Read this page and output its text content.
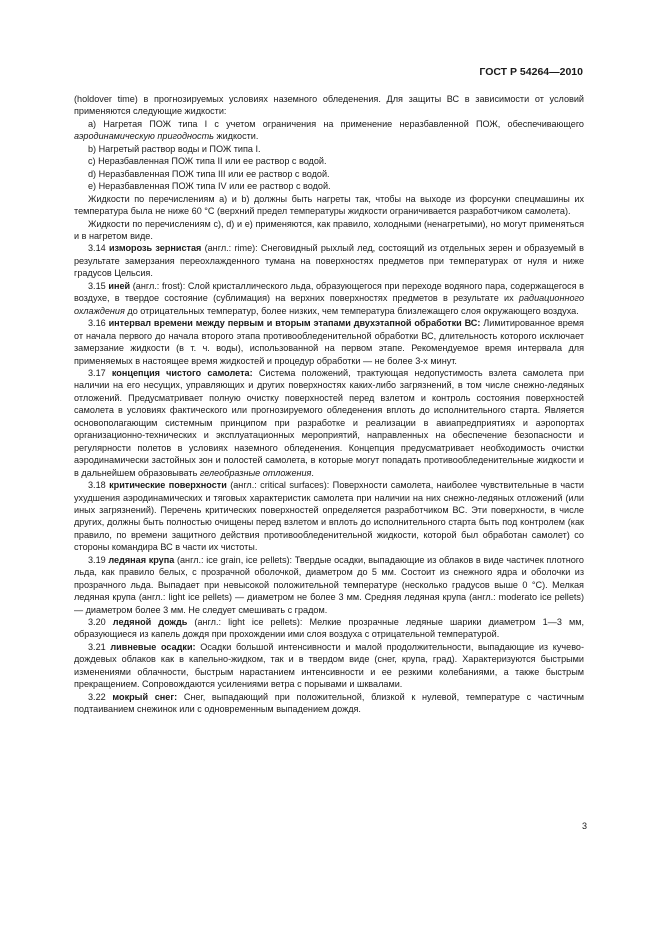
ГОСТ Р 54264—2010

(holdover time) в прогнозируемых условиях наземного обледенения. Для защиты ВС в зависимости от условий применяются следующие жидкости:

a) Нагретая ПОЖ типа I с учетом ограничения на применение неразбавленной ПОЖ, обеспечивающего аэродинамическую пригодность жидкости.

b) Нагретый раствор воды и ПОЖ типа I.

c) Неразбавленная ПОЖ типа II или ее раствор с водой.

d) Неразбавленная ПОЖ типа III или ее раствор с водой.

e) Неразбавленная ПОЖ типа IV или ее раствор с водой.

Жидкости по перечислениям a) и b) должны быть нагреты так, чтобы на выходе из форсунки спецмашины их температура была не ниже 60 °С (верхний предел температуры жидкости ограничивается разработчиком самолета).

Жидкости по перечислениям c), d) и e) применяются, как правило, холодными (ненагретыми), но могут применяться и в нагретом виде.

3.14 изморозь зернистая (англ.: rime): Снеговидный рыхлый лед, состоящий из отдельных зерен и образуемый в результате замерзания переохлажденного тумана на поверхностях предметов при температурах от нуля и ниже градусов Цельсия.

3.15 иней (англ.: frost): Слой кристаллического льда, образующегося при переходе водяного пара, содержащегося в воздухе, в твердое состояние (сублимация) на верхних поверхностях предметов в результате их радиационного охлаждения до отрицательных температур, более низких, чем температура близлежащего слоя окружающего воздуха.

3.16 интервал времени между первым и вторым этапами двухэтапной обработки ВС: Лимитированное время от начала первого до начала второго этапа противообледенительной обработки ВС, длительность которого исключает замерзание жидкости (в т. ч. воды), использованной на первом этапе. Рекомендуемое время интервала для применяемых в настоящее время жидкостей и процедур обработки — не более 3-х минут.

3.17 концепция чистого самолета: Система положений, трактующая недопустимость взлета самолета при наличии на его несущих, управляющих и других поверхностях каких-либо загрязнений, в том числе снежно-ледяных отложений. Предусматривает полную очистку поверхностей перед взлетом и контроль состояния поверхностей самолета в условиях фактического или прогнозируемого обледенения вплоть до исполнительного старта. Является основополагающим системным принципом при разработке и реализации в авиапредприятиях и аэропортах организационно-технических и эксплуатационных мероприятий, направленных на обеспечение безопасности и регулярности полетов в условиях наземного обледенения. Концепция предусматривает необходимость очистки аэродинамически застойных зон и полостей самолета, в которые могут попадать противообледенительные жидкости и в дальнейшем образовывать гелеобразные отложения.

3.18 критические поверхности (англ.: critical surfaces): Поверхности самолета, наиболее чувствительные в части ухудшения аэродинамических и тяговых характеристик самолета при наличии на них снежно-ледяных отложений (или иных загрязнений). Перечень критических поверхностей определяется разработчиком ВС. Эти поверхности, в числе других, должны быть полностью очищены перед взлетом и вплоть до исполнительного старта быть под контролем (как правило, по времени защитного действия противообледенительной жидкости, которой был обработан самолет) со стороны командира ВС в части их чистоты.

3.19 ледяная крупа (англ.: ice grain, ice pellets): Твердые осадки, выпадающие из облаков в виде частичек плотного льда, как правило белых, с прозрачной оболочкой, диаметром до 5 мм. Состоит из снежного ядра и оболочки из прозрачного льда. Выпадает при невысокой положительной температуре (несколько градусов выше 0 °С). Мелкая ледяная крупа (англ.: light ice pellets) — диаметром не более 3 мм. Средняя ледяная крупа (англ.: moderato ice pellets) — диаметром более 3 мм. Не следует смешивать с градом.

3.20 ледяной дождь (англ.: light ice pellets): Мелкие прозрачные ледяные шарики диаметром 1—3 мм, образующиеся из капель дождя при прохождении ими слоя воздуха с отрицательной температурой.

3.21 ливневые осадки: Осадки большой интенсивности и малой продолжительности, выпадающие из кучево-дождевых облаков как в капельно-жидком, так и в твердом виде (снег, крупа, град). Характеризуются быстрыми изменениями облачности, быстрым нарастанием интенсивности и ее резкими колебаниями, а также быстрым прекращением. Сопровождаются усилениями ветра с порывами и шквалами.

3.22 мокрый снег: Снег, выпадающий при положительной, близкой к нулевой, температуре с частичным подтаиванием снежинок или с одновременным выпадением дождя.

3
